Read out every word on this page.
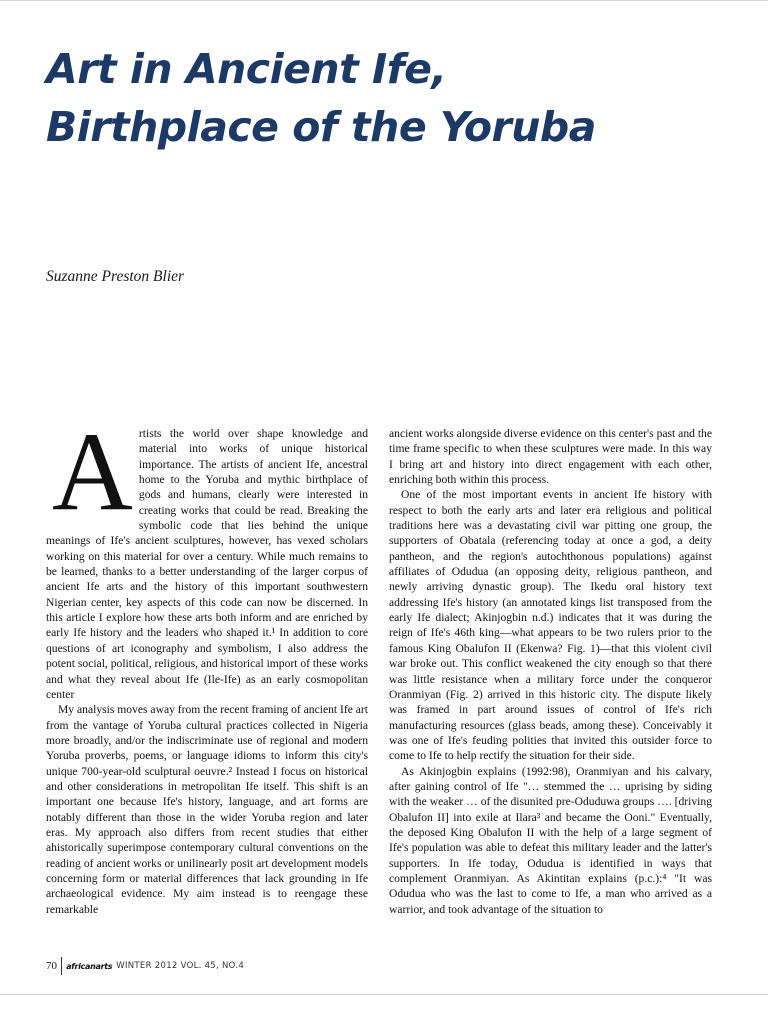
Art in Ancient Ife,
Birthplace of the Yoruba
Suzanne Preston Blier

Artists the world over shape knowledge and material into works of unique historical importance. The artists of ancient Ife, ancestral home to the Yoruba and mythic birthplace of gods and humans, clearly were interested in creating works that could be read. Breaking the symbolic code that lies behind the unique meanings of Ife's ancient sculptures, however, has vexed scholars working on this material for over a century. While much remains to be learned, thanks to a better understanding of the larger corpus of ancient Ife arts and the history of this important southwestern Nigerian center, key aspects of this code can now be discerned. In this article I explore how these arts both inform and are enriched by early Ife history and the leaders who shaped it.¹ In addition to core questions of art iconography and symbolism, I also address the potent social, political, religious, and historical import of these works and what they reveal about Ife (Ile-Ife) as an early cosmopolitan center

My analysis moves away from the recent framing of ancient Ife art from the vantage of Yoruba cultural practices collected in Nigeria more broadly, and/or the indiscriminate use of regional and modern Yoruba proverbs, poems, or language idioms to inform this city's unique 700-year-old sculptural oeuvre.² Instead I focus on historical and other considerations in metropolitan Ife itself. This shift is an important one because Ife's history, language, and art forms are notably different than those in the wider Yoruba region and later eras. My approach also differs from recent studies that either ahistorically superimpose contemporary cultural conventions on the reading of ancient works or unilinearly posit art development models concerning form or material differences that lack grounding in Ife archaeological evidence. My aim instead is to reengage these remarkable

ancient works alongside diverse evidence on this center's past and the time frame specific to when these sculptures were made. In this way I bring art and history into direct engagement with each other, enriching both within this process.

One of the most important events in ancient Ife history with respect to both the early arts and later era religious and political traditions here was a devastating civil war pitting one group, the supporters of Obatala (referencing today at once a god, a deity pantheon, and the region's autochthonous populations) against affiliates of Odudua (an opposing deity, religious pantheon, and newly arriving dynastic group). The Ikedu oral history text addressing Ife's history (an annotated kings list transposed from the early Ife dialect; Akinjogbin n.d.) indicates that it was during the reign of Ife's 46th king—what appears to be two rulers prior to the famous King Obalufon II (Ekenwa? Fig. 1)—that this violent civil war broke out. This conflict weakened the city enough so that there was little resistance when a military force under the conqueror Oranmiyan (Fig. 2) arrived in this historic city. The dispute likely was framed in part around issues of control of Ife's rich manufacturing resources (glass beads, among these). Conceivably it was one of Ife's feuding polities that invited this outsider force to come to Ife to help rectify the situation for their side.

As Akinjogbin explains (1992:98), Oranmiyan and his calvary, after gaining control of Ife "… stemmed the … uprising by siding with the weaker … of the disunited pre-Oduduwa groups …. [driving Obalufon II] into exile at Ilara³ and became the Ooni." Eventually, the deposed King Obalufon II with the help of a large segment of Ife's population was able to defeat this military leader and the latter's supporters. In Ife today, Odudua is identified in ways that complement Oranmiyan. As Akintitan explains (p.c.):⁴ "It was Odudua who was the last to come to Ife, a man who arrived as a warrior, and took advantage of the situation to

70	africanarts WINTER 2012 VOL. 45, NO.4
